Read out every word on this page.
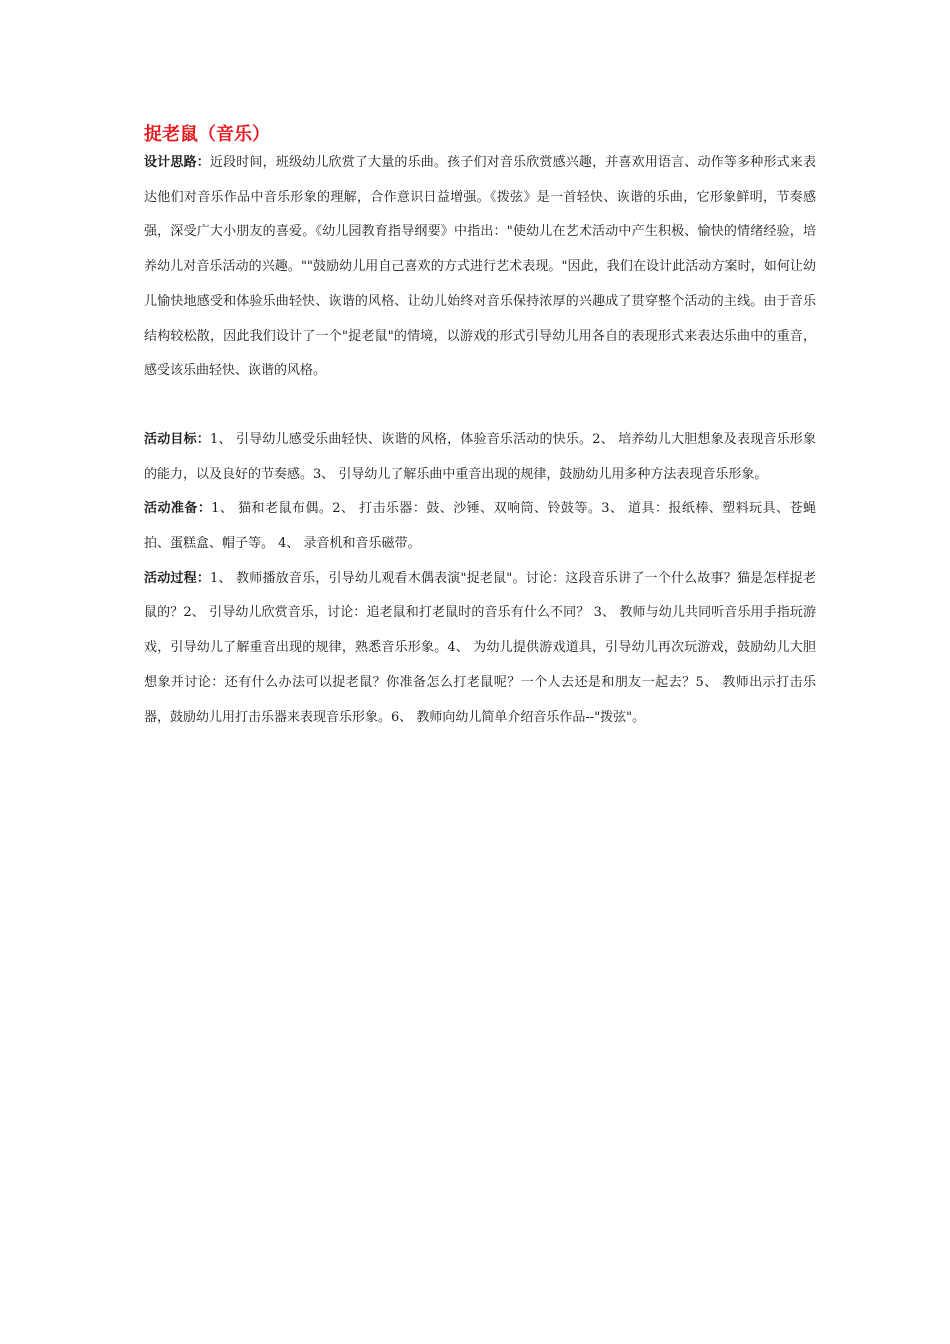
捉老鼠（音乐）

设计思路：近段时间，班级幼儿欣赏了大量的乐曲。孩子们对音乐欣赏感兴趣，并喜欢用语言、动作等多种形式来表达他们对音乐作品中音乐形象的理解，合作意识日益增强。《拨弦》是一首轻快、诙谐的乐曲，它形象鲜明，节奏感强，深受广大小朋友的喜爱。《幼儿园教育指导纲要》中指出："使幼儿在艺术活动中产生积极、愉快的情绪经验，培养幼儿对音乐活动的兴趣。""鼓励幼儿用自己喜欢的方式进行艺术表现。"因此，我们在设计此活动方案时，如何让幼儿愉快地感受和体验乐曲轻快、诙谐的风格、让幼儿始终对音乐保持浓厚的兴趣成了贯穿整个活动的主线。由于音乐结构较松散，因此我们设计了一个"捉老鼠"的情境，以游戏的形式引导幼儿用各自的表现形式来表达乐曲中的重音，感受该乐曲轻快、诙谐的风格。

活动目标：1、 引导幼儿感受乐曲轻快、诙谐的风格，体验音乐活动的快乐。2、 培养幼儿大胆想象及表现音乐形象的能力，以及良好的节奏感。3、 引导幼儿了解乐曲中重音出现的规律，鼓励幼儿用多种方法表现音乐形象。

活动准备：1、 猫和老鼠布偶。2、 打击乐器：鼓、沙锤、双响筒、铃鼓等。3、 道具：报纸棒、塑料玩具、苍蝇拍、蛋糕盒、帽子等。 4、 录音机和音乐磁带。

活动过程：1、 教师播放音乐，引导幼儿观看木偶表演"捉老鼠"。讨论：这段音乐讲了一个什么故事？猫是怎样捉老鼠的？2、 引导幼儿欣赏音乐，讨论：追老鼠和打老鼠时的音乐有什么不同？ 3、 教师与幼儿共同听音乐用手指玩游戏，引导幼儿了解重音出现的规律，熟悉音乐形象。4、 为幼儿提供游戏道具，引导幼儿再次玩游戏，鼓励幼儿大胆想象并讨论：还有什么办法可以捉老鼠？你准备怎么打老鼠呢？一个人去还是和朋友一起去？5、 教师出示打击乐器，鼓励幼儿用打击乐器来表现音乐形象。6、 教师向幼儿简单介绍音乐作品--"拨弦"。
